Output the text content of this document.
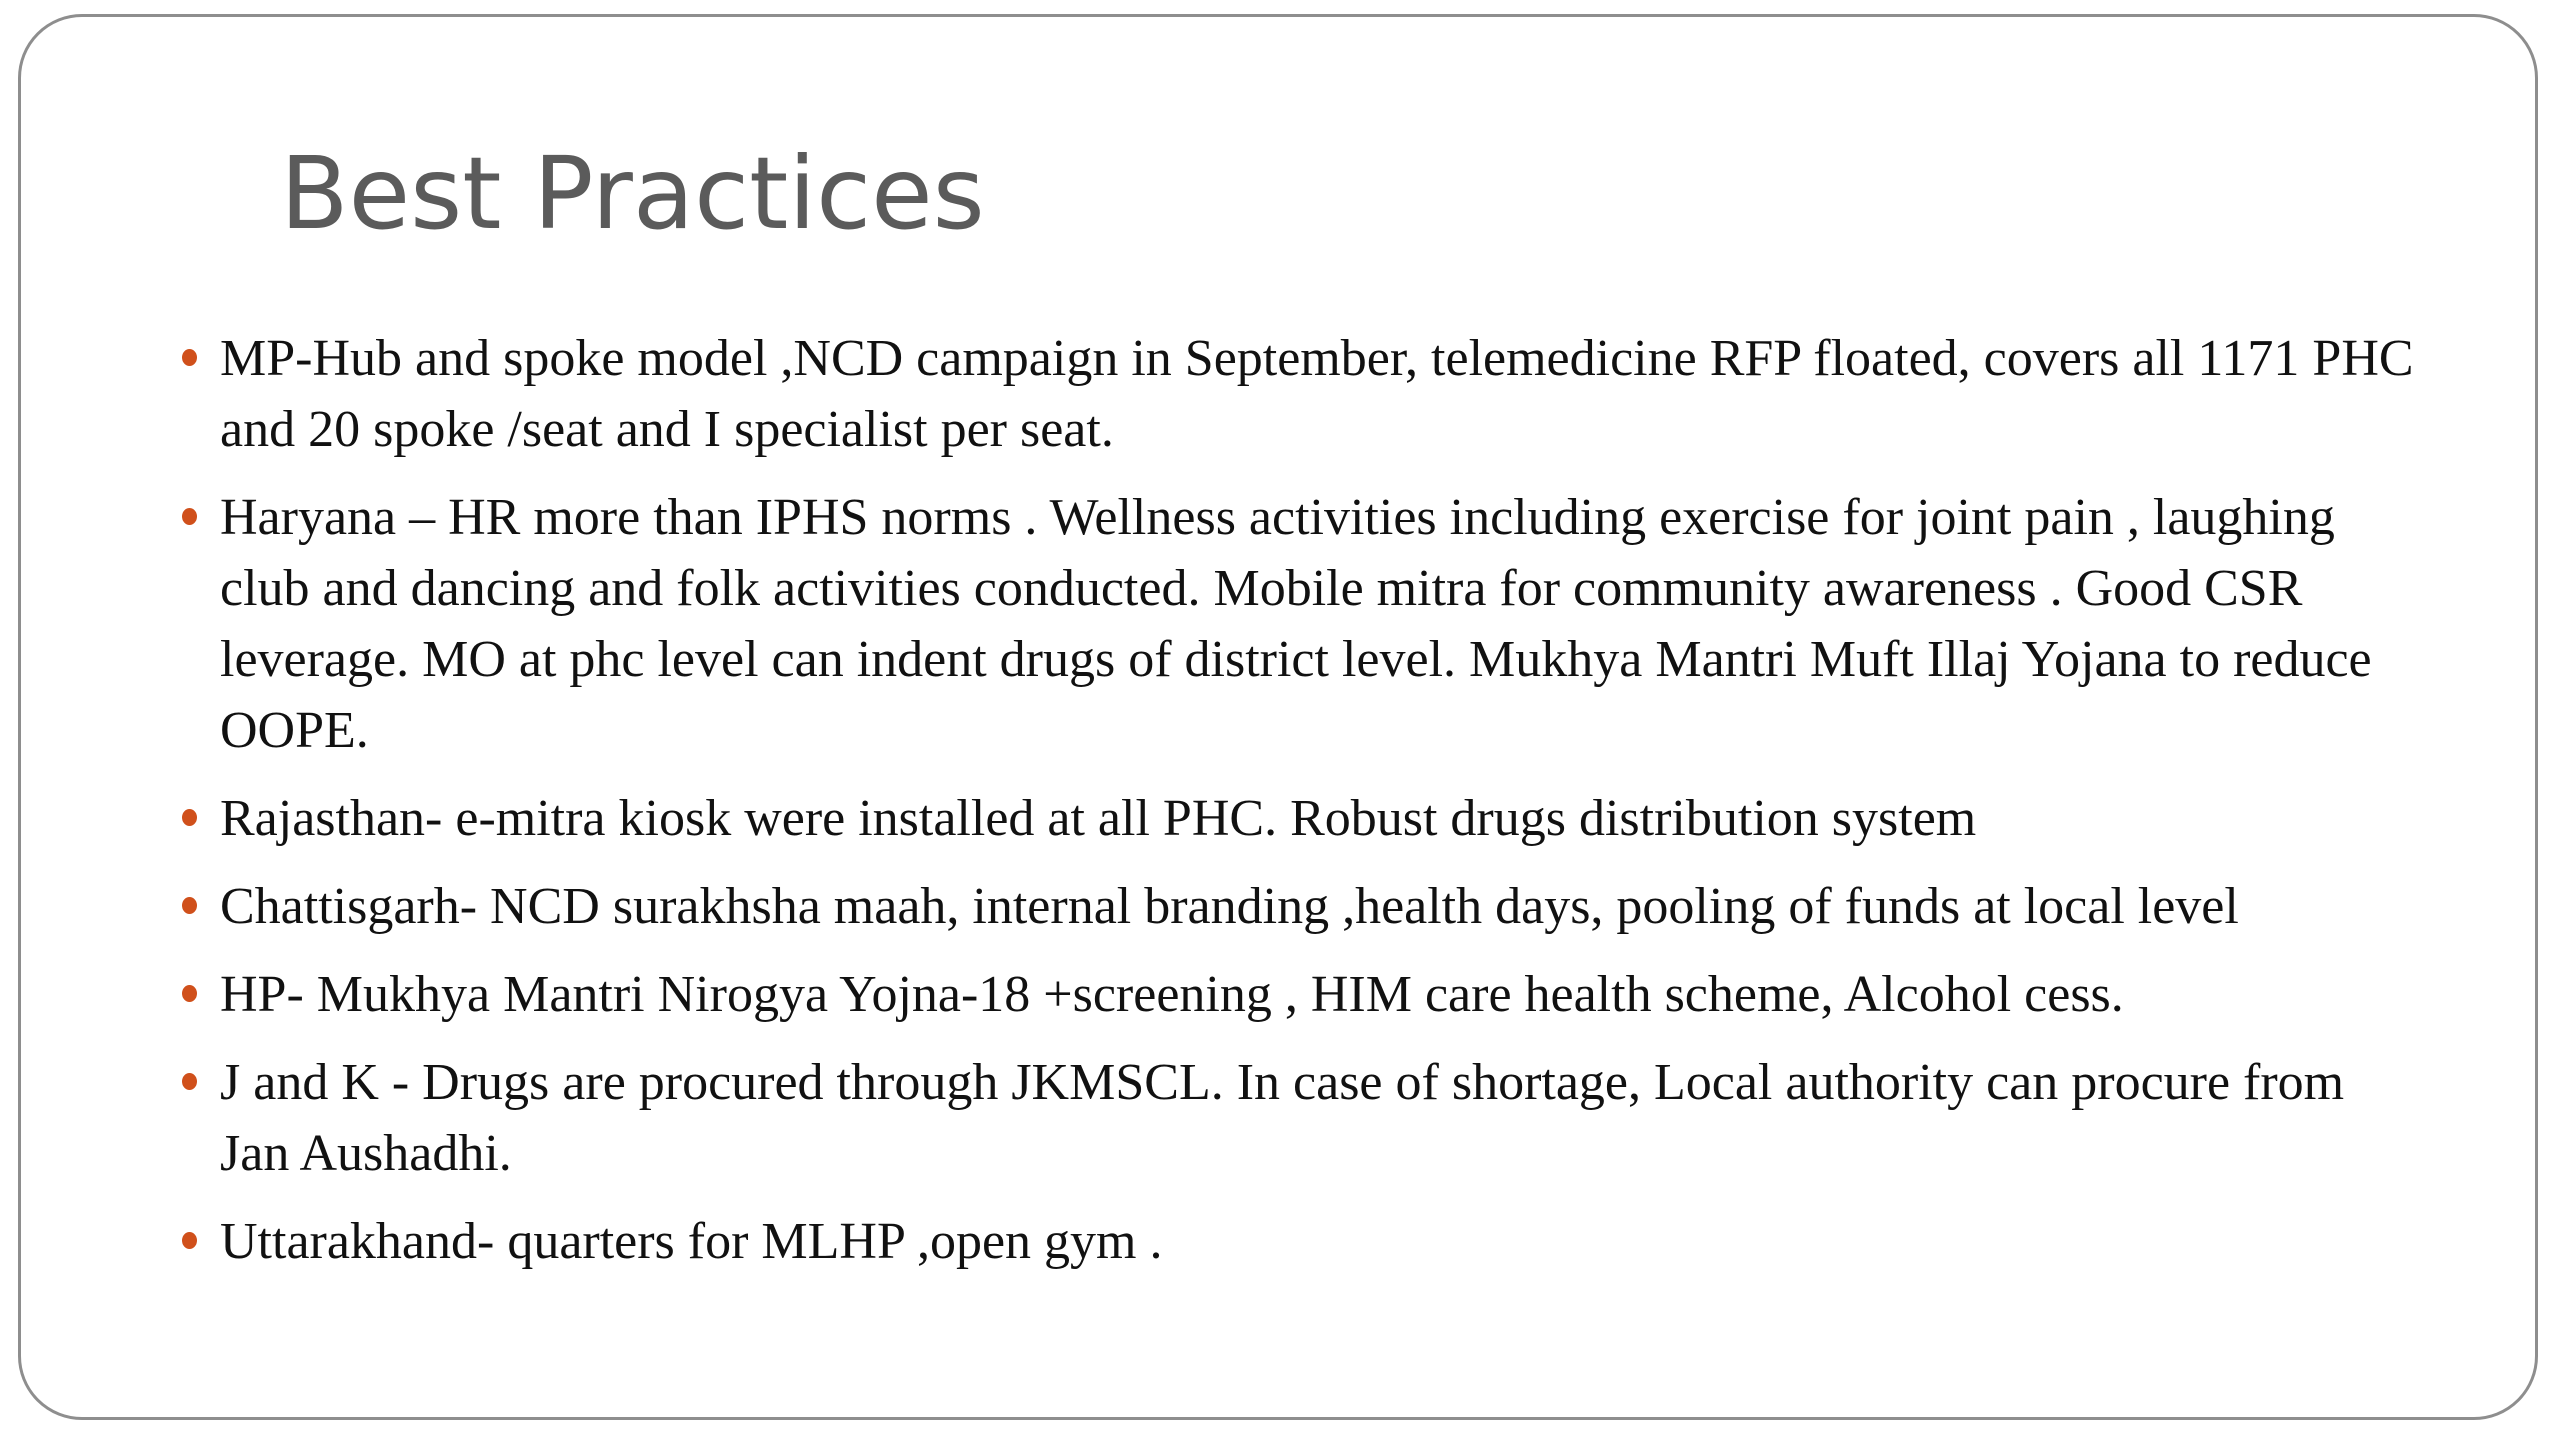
Best Practices
MP-Hub and spoke model ,NCD campaign in September, telemedicine RFP floated, covers all 1171 PHC and 20 spoke /seat and I specialist per seat.
Haryana – HR more than IPHS norms . Wellness activities including exercise for joint pain , laughing club and dancing and folk activities conducted. Mobile mitra for community awareness . Good CSR leverage. MO at phc level can indent drugs of district level. Mukhya Mantri Muft Illaj Yojana to reduce OOPE.
Rajasthan- e-mitra kiosk were installed at all PHC. Robust drugs distribution system
Chattisgarh- NCD surakhsha maah, internal branding ,health days, pooling of funds at local level
HP- Mukhya Mantri Nirogya Yojna-18 +screening , HIM care health scheme, Alcohol cess.
J and K - Drugs are procured through JKMSCL. In case of shortage, Local authority can procure from Jan Aushadhi.
Uttarakhand- quarters for MLHP ,open gym .
